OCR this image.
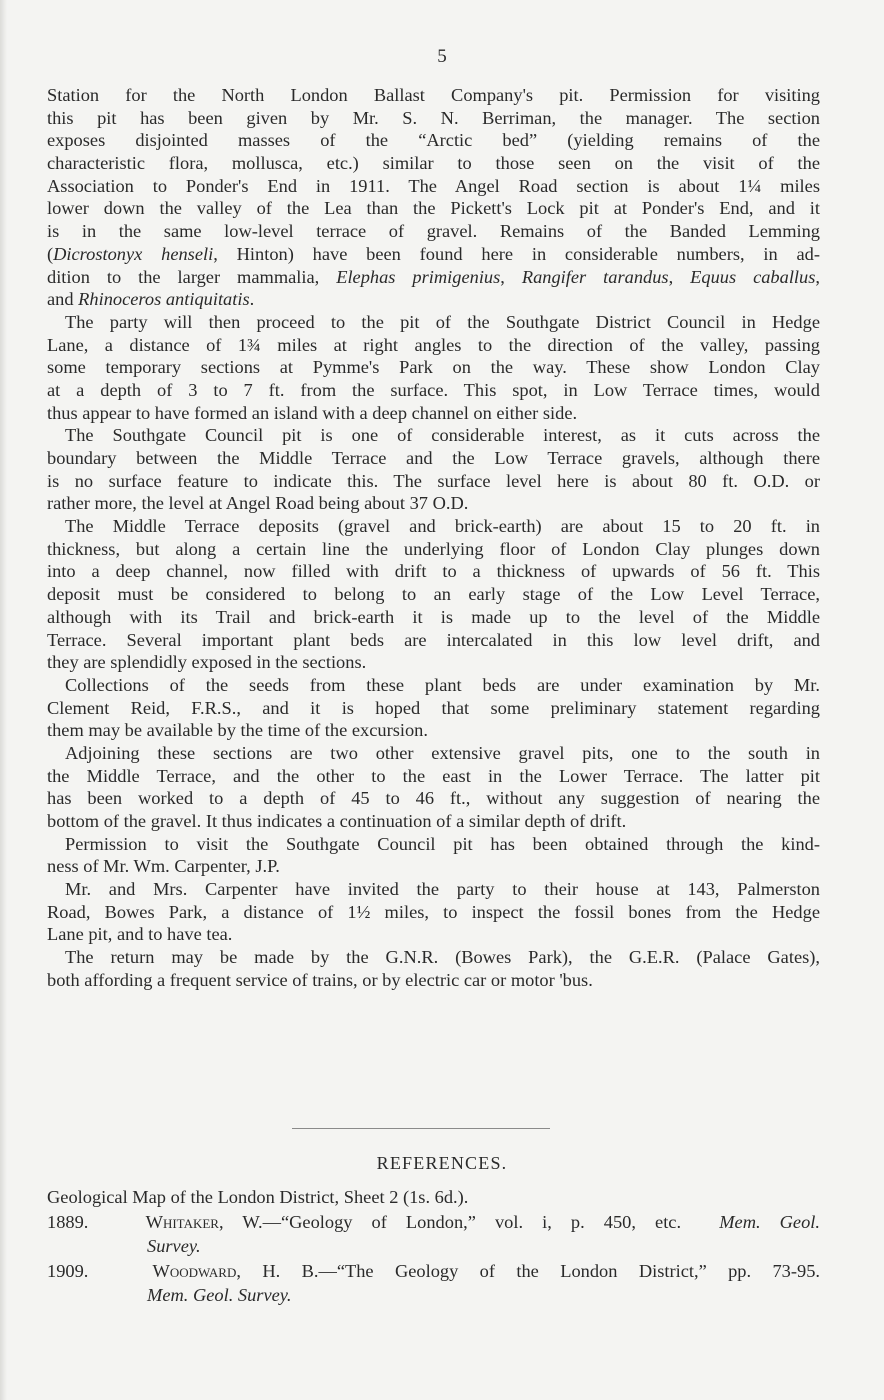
5
Station for the North London Ballast Company's pit. Permission for visiting
this pit has been given by Mr. S. N. Berriman, the manager. The section
exposes disjointed masses of the “Arctic bed” (yielding remains of the
characteristic flora, mollusca, etc.) similar to those seen on the visit of the
Association to Ponder's End in 1911. The Angel Road section is about 1¼ miles
lower down the valley of the Lea than the Pickett's Lock pit at Ponder's End, and it
is in the same low-level terrace of gravel. Remains of the Banded Lemming
(Dicrostonyx henseli, Hinton) have been found here in considerable numbers, in ad-
dition to the larger mammalia, Elephas primigenius, Rangifer tarandus, Equus caballus,
and Rhinoceros antiquitatis.
The party will then proceed to the pit of the Southgate District Council in Hedge
Lane, a distance of 1¾ miles at right angles to the direction of the valley, passing
some temporary sections at Pymme's Park on the way. These show London Clay
at a depth of 3 to 7 ft. from the surface. This spot, in Low Terrace times, would
thus appear to have formed an island with a deep channel on either side.
The Southgate Council pit is one of considerable interest, as it cuts across the
boundary between the Middle Terrace and the Low Terrace gravels, although there
is no surface feature to indicate this. The surface level here is about 80 ft. O.D. or
rather more, the level at Angel Road being about 37 O.D.
The Middle Terrace deposits (gravel and brick-earth) are about 15 to 20 ft. in
thickness, but along a certain line the underlying floor of London Clay plunges down
into a deep channel, now filled with drift to a thickness of upwards of 56 ft. This
deposit must be considered to belong to an early stage of the Low Level Terrace,
although with its Trail and brick-earth it is made up to the level of the Middle
Terrace. Several important plant beds are intercalated in this low level drift, and
they are splendidly exposed in the sections.
Collections of the seeds from these plant beds are under examination by Mr.
Clement Reid, F.R.S., and it is hoped that some preliminary statement regarding
them may be available by the time of the excursion.
Adjoining these sections are two other extensive gravel pits, one to the south in
the Middle Terrace, and the other to the east in the Lower Terrace. The latter pit
has been worked to a depth of 45 to 46 ft., without any suggestion of nearing the
bottom of the gravel. It thus indicates a continuation of a similar depth of drift.
Permission to visit the Southgate Council pit has been obtained through the kind-
ness of Mr. Wm. Carpenter, J.P.
Mr. and Mrs. Carpenter have invited the party to their house at 143, Palmerston
Road, Bowes Park, a distance of 1½ miles, to inspect the fossil bones from the Hedge
Lane pit, and to have tea.
The return may be made by the G.N.R. (Bowes Park), the G.E.R. (Palace Gates),
both affording a frequent service of trains, or by electric car or motor 'bus.
REFERENCES.
Geological Map of the London District, Sheet 2 (1s. 6d.).
1889.	Whitaker, W.—“Geology of London,” vol. i, p. 450, etc. Mem. Geol.
Survey.
1909.	Woodward, H. B.—“The Geology of the London District,” pp. 73-95.
Mem. Geol. Survey.
